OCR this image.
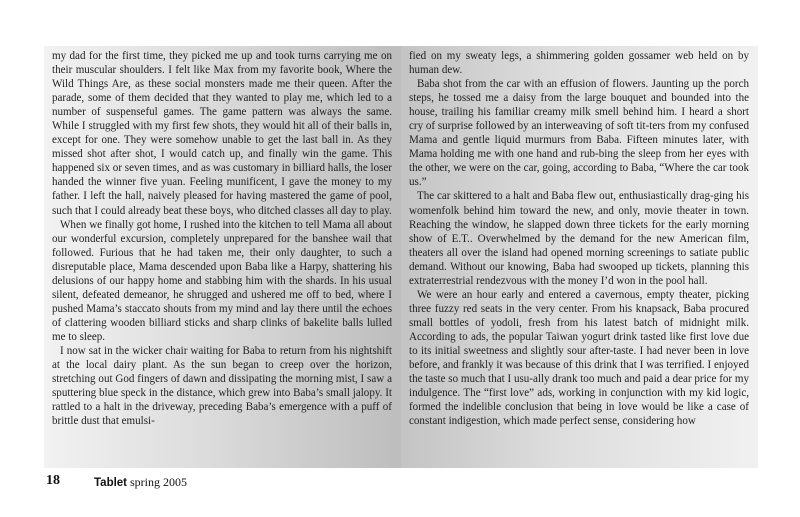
my dad for the first time, they picked me up and took turns carrying me on their muscular shoulders. I felt like Max from my favorite book, Where the Wild Things Are, as these social monsters made me their queen. After the parade, some of them decided that they wanted to play me, which led to a number of suspenseful games. The game pattern was always the same. While I struggled with my first few shots, they would hit all of their balls in, except for one. They were somehow unable to get the last ball in. As they missed shot after shot, I would catch up, and finally win the game. This happened six or seven times, and as was customary in billiard halls, the loser handed the winner five yuan. Feeling munificent, I gave the money to my father. I left the hall, naively pleased for having mastered the game of pool, such that I could already beat these boys, who ditched classes all day to play.

When we finally got home, I rushed into the kitchen to tell Mama all about our wonderful excursion, completely unprepared for the banshee wail that followed. Furious that he had taken me, their only daughter, to such a disreputable place, Mama descended upon Baba like a Harpy, shattering his delusions of our happy home and stabbing him with the shards. In his usual silent, defeated demeanor, he shrugged and ushered me off to bed, where I pushed Mama’s staccato shouts from my mind and lay there until the echoes of clattering wooden billiard sticks and sharp clinks of bakelite balls lulled me to sleep.

I now sat in the wicker chair waiting for Baba to return from his nightshift at the local dairy plant. As the sun began to creep over the horizon, stretching out God fingers of dawn and dissipating the morning mist, I saw a sputtering blue speck in the distance, which grew into Baba’s small jalopy. It rattled to a halt in the driveway, preceding Baba’s emergence with a puff of brittle dust that emulsi-

fied on my sweaty legs, a shimmering golden gossamer web held on by human dew.

Baba shot from the car with an effusion of flowers. Jaunting up the porch steps, he tossed me a daisy from the large bouquet and bounded into the house, trailing his familiar creamy milk smell behind him. I heard a short cry of surprise followed by an interweaving of soft tit-ters from my confused Mama and gentle liquid murmurs from Baba. Fifteen minutes later, with Mama holding me with one hand and rub-bing the sleep from her eyes with the other, we were on the car, going, according to Baba, “Where the car took us.”

The car skittered to a halt and Baba flew out, enthusiastically drag-ging his womenfolk behind him toward the new, and only, movie theater in town. Reaching the window, he slapped down three tickets for the early morning show of E.T.. Overwhelmed by the demand for the new American film, theaters all over the island had opened morning screenings to satiate public demand. Without our knowing, Baba had swooped up tickets, planning this extraterrestrial rendezvous with the money I’d won in the pool hall.

We were an hour early and entered a cavernous, empty theater, picking three fuzzy red seats in the very center. From his knapsack, Baba procured small bottles of yodoli, fresh from his latest batch of midnight milk. According to ads, the popular Taiwan yogurt drink tasted like first love due to its initial sweetness and slightly sour after-taste. I had never been in love before, and frankly it was because of this drink that I was terrified. I enjoyed the taste so much that I usu-ally drank too much and paid a dear price for my indulgence. The “first love” ads, working in conjunction with my kid logic, formed the indelible conclusion that being in love would be like a case of constant indigestion, which made perfect sense, considering how

18	Tablet spring 2005
